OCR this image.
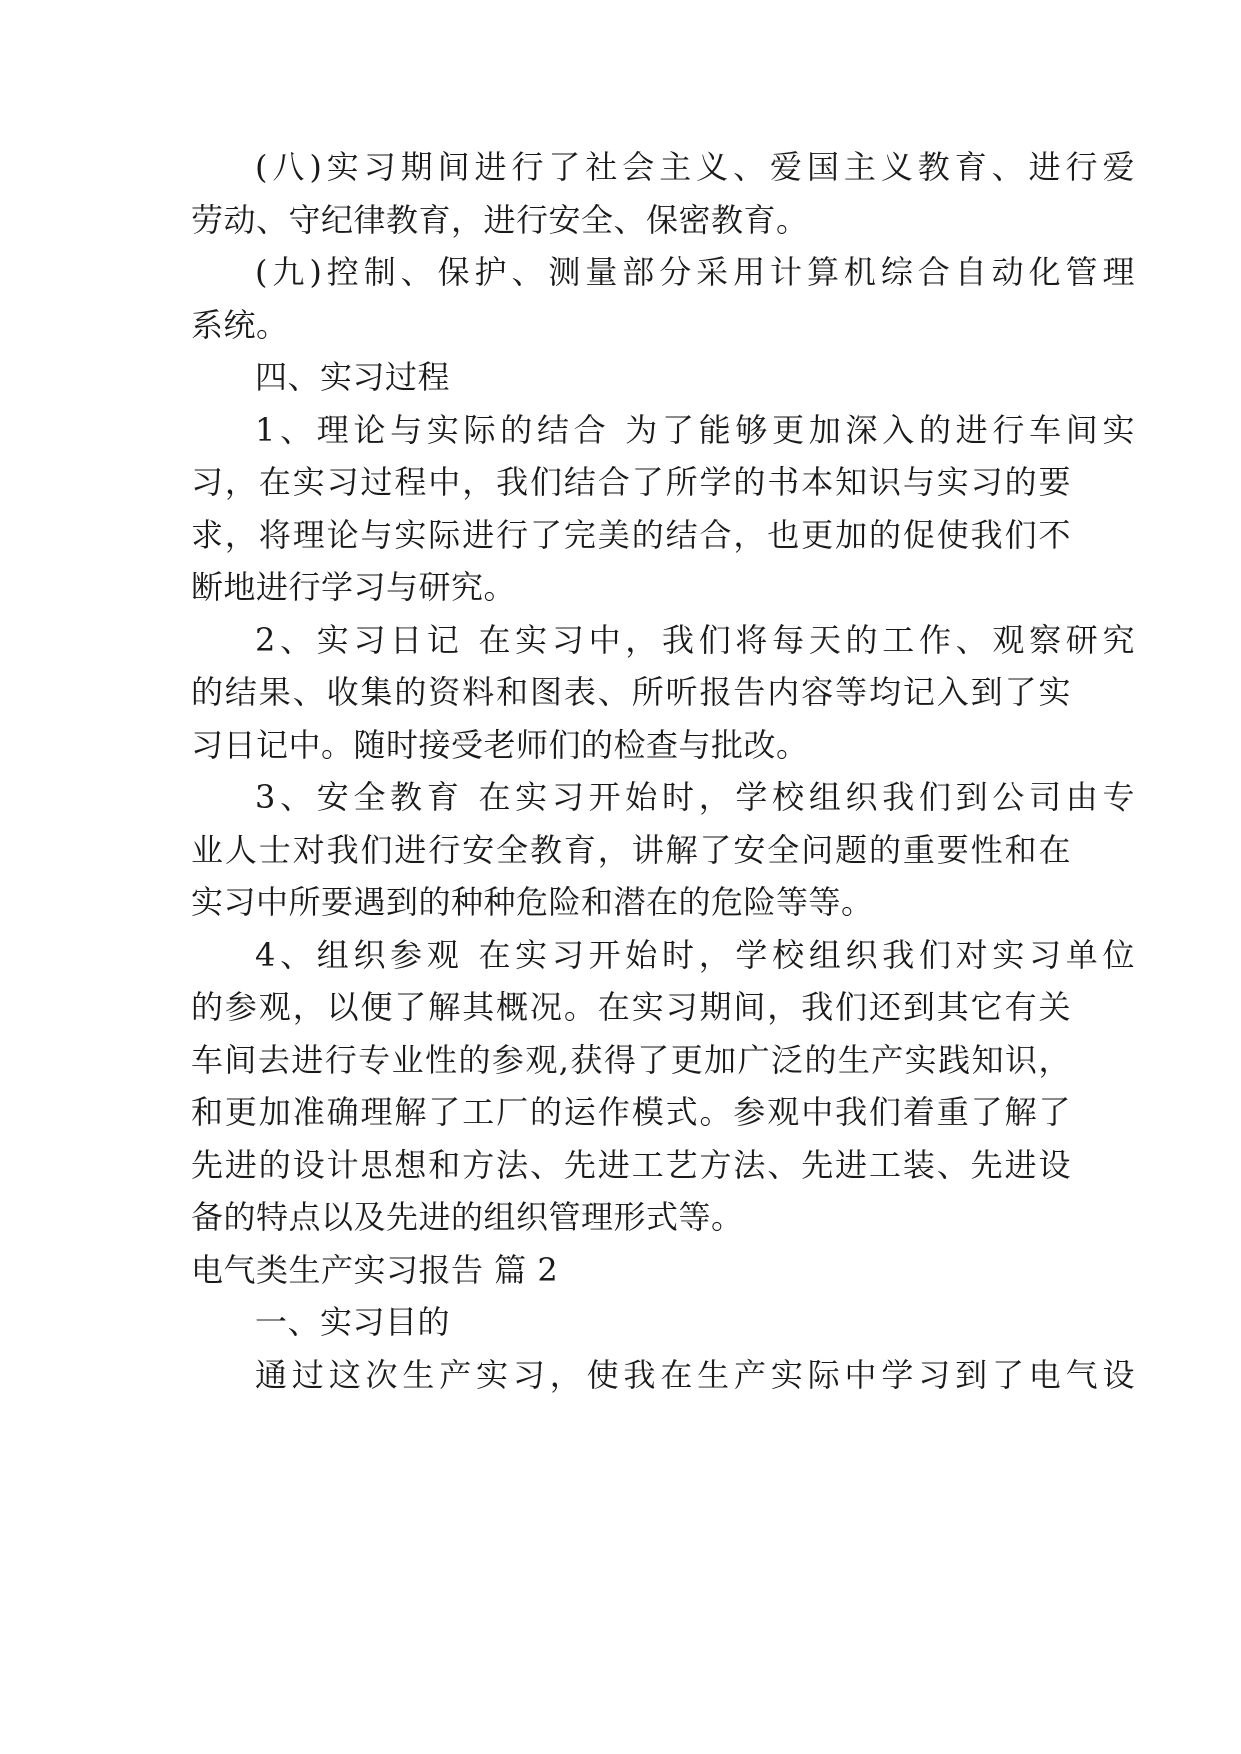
(八)实习期间进行了社会主义、爱国主义教育、进行爱
劳动、守纪律教育，进行安全、保密教育。
(九)控制、保护、测量部分采用计算机综合自动化管理
系统。
四、实习过程
1、理论与实际的结合 为了能够更加深入的进行车间实
习，在实习过程中，我们结合了所学的书本知识与实习的要
求，将理论与实际进行了完美的结合，也更加的促使我们不
断地进行学习与研究。
2、实习日记 在实习中，我们将每天的工作、观察研究
的结果、收集的资料和图表、所听报告内容等均记入到了实
习日记中。随时接受老师们的检查与批改。
3、安全教育 在实习开始时，学校组织我们到公司由专
业人士对我们进行安全教育，讲解了安全问题的重要性和在
实习中所要遇到的种种危险和潜在的危险等等。
4、组织参观 在实习开始时，学校组织我们对实习单位
的参观，以便了解其概况。在实习期间，我们还到其它有关
车间去进行专业性的参观,获得了更加广泛的生产实践知识，
和更加准确理解了工厂的运作模式。参观中我们着重了解了
先进的设计思想和方法、先进工艺方法、先进工装、先进设
备的特点以及先进的组织管理形式等。
电气类生产实习报告 篇 2
一、实习目的
通过这次生产实习，使我在生产实际中学习到了电气设
